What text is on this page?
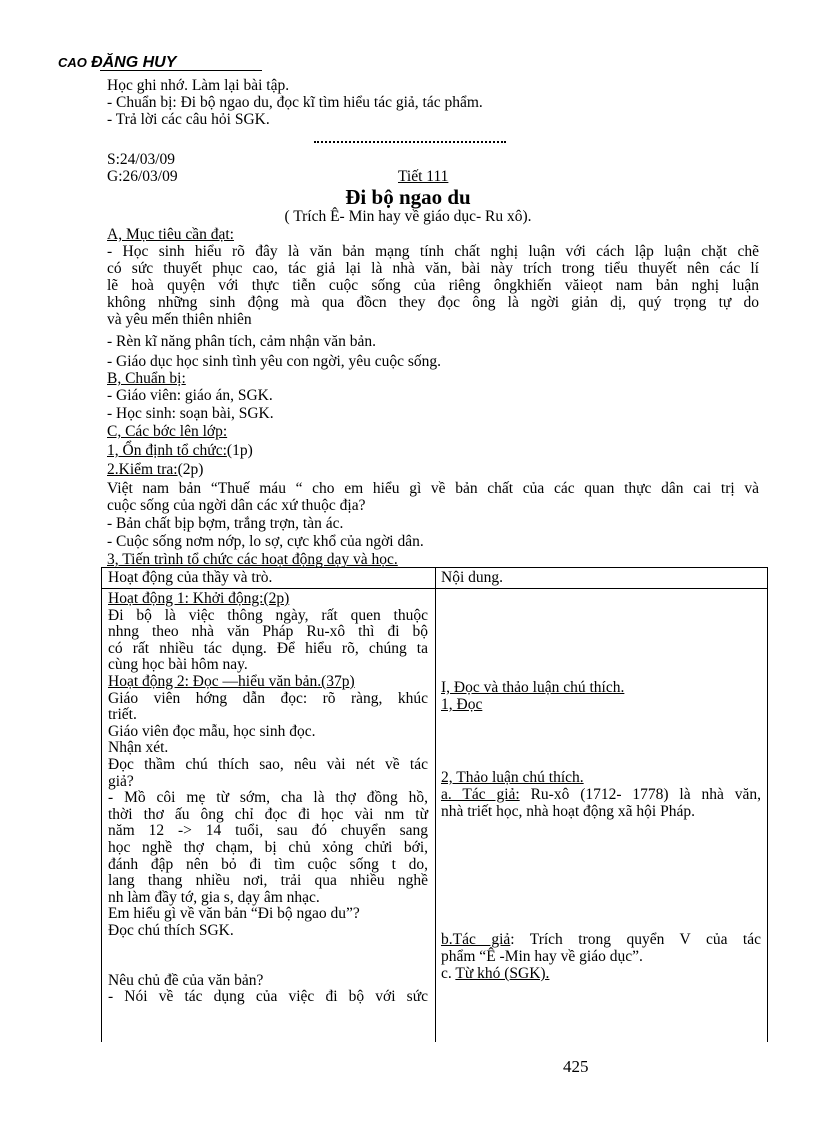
CAO ĐĂNG HUY
Học ghi nhớ. Làm lại bài tập.
- Chuẩn bị: Đi bộ ngao du, đọc kĩ tìm hiểu tác giả, tác phẩm.
- Trả lời các câu hỏi SGK.
S:24/03/09
G:26/03/09	Tiết 111
Đi bộ ngao du
( Trích Ê- Min hay về giáo dục- Ru xô).
A, Mục tiêu cần đạt:
- Học sinh hiểu rõ đây là văn bản mạng tính chất nghị luận với cách lập luận chặt chẽ
có sức thuyết phục cao, tác giả lại là nhà văn, bài này trích trong tiểu thuyết nên các lí
lẽ hoà quyện với thực tiễn cuộc sống của riêng ôngkhiến văieọt nam bản nghị luận
không những sinh động mà qua đồcn they đọc ông là ngời giản dị, quý trọng tự do
và yêu mến thiên nhiên
- Rèn kĩ năng phân tích, cảm nhận văn bản.
- Giáo dục học sinh tình yêu con ngời, yêu cuộc sống.
B, Chuẩn bị:
- Giáo viên: giáo án, SGK.
- Học sinh: soạn bài, SGK.
C, Các bớc lên lớp:
1, Ổn định tổ chức:(1p)
2.Kiểm tra:(2p)
Việt nam bản “Thuế máu “ cho em hiểu gì về bản chất của các quan thực dân cai trị và
cuộc sống của ngời dân các xứ thuộc địa?
- Bản chất bịp bợm, trắng trợn, tàn ác.
- Cuộc sống nơm nớp, lo sợ, cực khổ của ngời dân.
3, Tiến trình tổ chức các hoạt động dạy và học.
Hoạt động của thầy và trò.	Nội dung.
Hoạt động 1: Khởi động:(2p)
Đi bộ là việc thông ngày, rất quen thuộc
nhng theo nhà văn Pháp Ru-xô thì đi bộ
có rất nhiều tác dụng. Để hiểu rõ, chúng ta
cùng học bài hôm nay.
Hoạt động 2: Đọc —hiểu văn bản.(37p)
Giáo viên hớng dẫn đọc: rõ ràng, khúc
triết.
Giáo viên đọc mẫu, học sinh đọc.
Nhận xét.
Đọc thầm chú thích sao, nêu vài nét về tác
giả?
- Mồ côi mẹ từ sớm, cha là thợ đồng hồ,
thời thơ ấu ông chỉ đọc đi học vài nm từ
năm 12 -> 14 tuổi, sau đó chuyển sang
học nghề thợ chạm, bị chủ xỏng chửi bới,
đánh đập nên bỏ đi tìm cuộc sống t do,
lang thang nhiều nơi, trải qua nhiều nghề
nh làm đầy tớ, gia s, dạy âm nhạc.
Em hiểu gì về văn bản “Đi bộ ngao du”?
Đọc chú thích SGK.

Nêu chủ đề của văn bản?
- Nói về tác dụng của việc đi bộ với sức
I, Đọc và thảo luận chú thích.
1, Đọc
2, Thảo luận chú thích.
a. Tác giả: Ru-xô (1712- 1778) là nhà văn,
nhà triết học, nhà hoạt động xã hội Pháp.
b.Tác giả: Trích trong quyển V của tác
phẩm “Ê -Min hay về giáo dục”.
c. Từ khó (SGK).
425
